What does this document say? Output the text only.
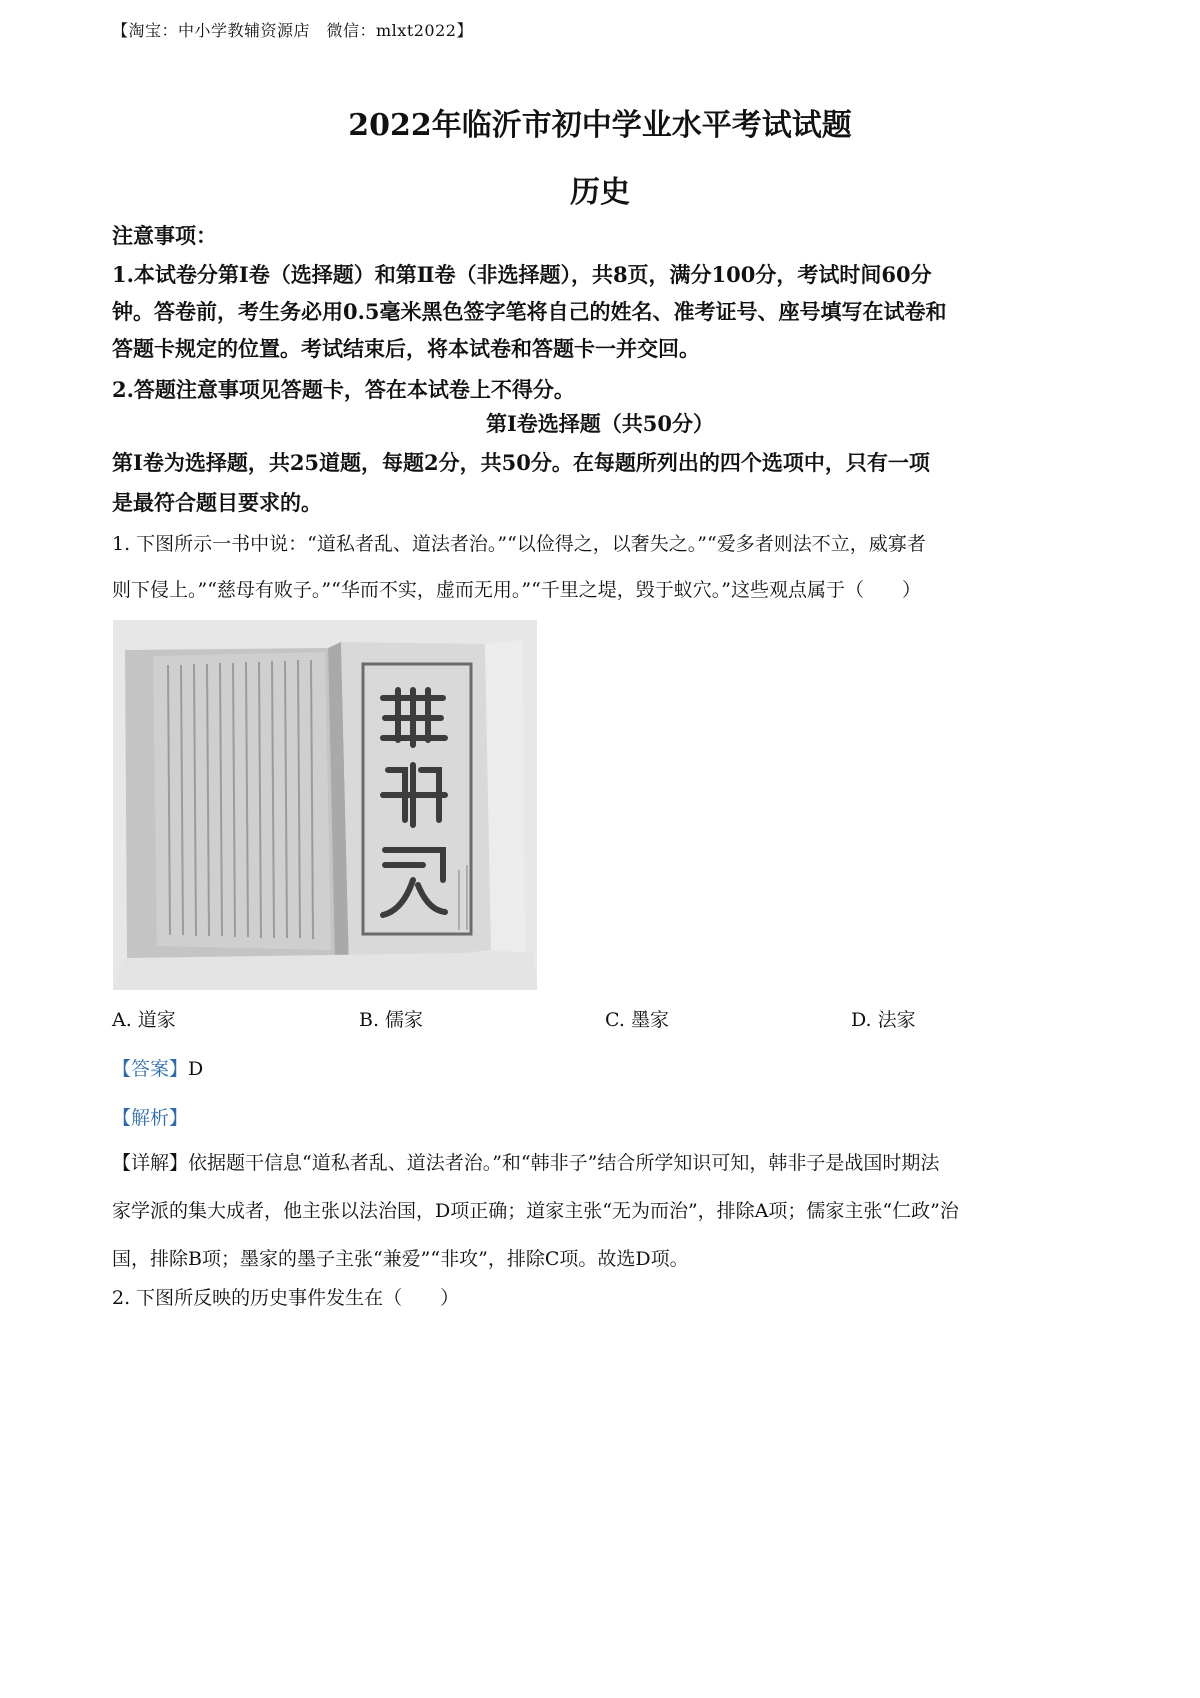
【淘宝：中小学教辅资源店　微信：mlxt2022】
2022年临沂市初中学业水平考试试题
历史
注意事项：
1.本试卷分第Ⅰ卷（选择题）和第Ⅱ卷（非选择题），共8页，满分100分，考试时间60分
钟。答卷前，考生务必用0.5毫米黑色签字笔将自己的姓名、准考证号、座号填写在试卷和
答题卡规定的位置。考试结束后，将本试卷和答题卡一并交回。
2.答题注意事项见答题卡，答在本试卷上不得分。
第Ⅰ卷选择题（共50分）
第Ⅰ卷为选择题，共25道题，每题2分，共50分。在每题所列出的四个选项中，只有一项
是最符合题目要求的。
1. 下图所示一书中说：“道私者乱、道法者治。”“以俭得之，以奢失之。”“爱多者则法不立，威寡者
则下侵上。”“慈母有败子。”“华而不实，虚而无用。”“千里之堤，毁于蚁穴。”这些观点属于（　　）
A. 道家	B. 儒家	C. 墨家	D. 法家
【答案】D
【解析】
【详解】依据题干信息“道私者乱、道法者治。”和“韩非子”结合所学知识可知，韩非子是战国时期法
家学派的集大成者，他主张以法治国，D项正确；道家主张“无为而治”，排除A项；儒家主张“仁政”治
国，排除B项；墨家的墨子主张“兼爱”“非攻”，排除C项。故选D项。
2. 下图所反映的历史事件发生在（　　）
